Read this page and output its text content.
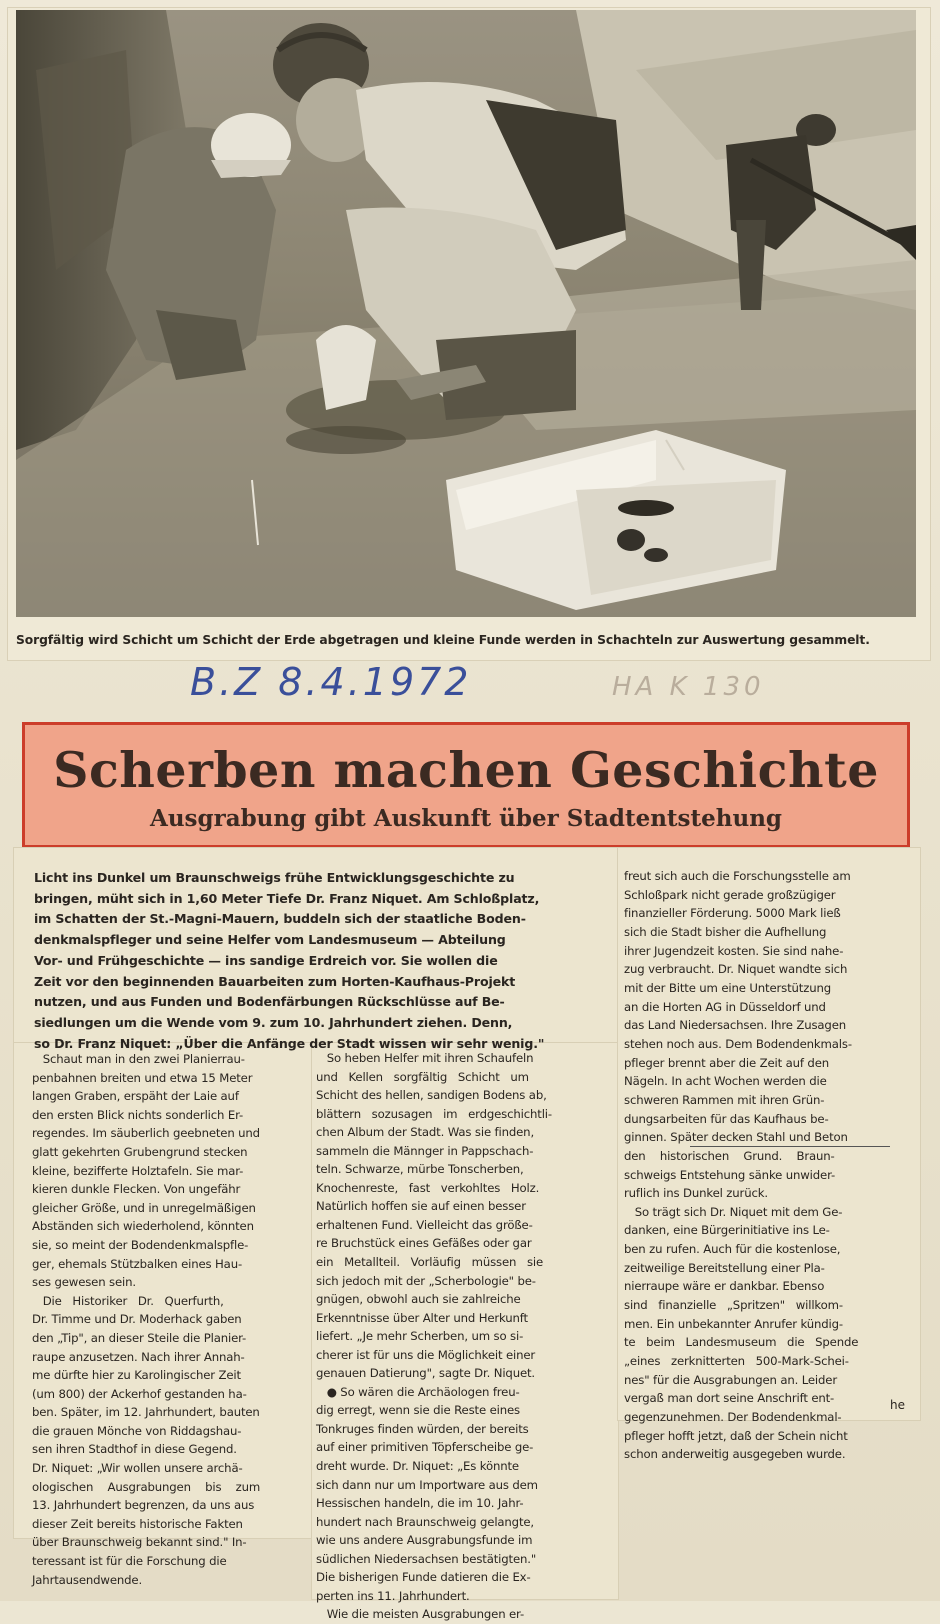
Sorgfältig wird Schicht um Schicht der Erde abgetragen und kleine Funde werden in Schachteln zur Auswertung gesammelt.
B.Z 8.4.1972	HA K 130
Scherben machen Geschichte
Ausgrabung gibt Auskunft über Stadtentstehung
Licht ins Dunkel um Braunschweigs frühe Entwicklungsgeschichte zu
bringen, müht sich in 1,60 Meter Tiefe Dr. Franz Niquet. Am Schloßplatz,
im Schatten der St.-Magni-Mauern, buddeln sich der staatliche Boden-
denkmalspfleger und seine Helfer vom Landesmuseum — Abteilung
Vor- und Frühgeschichte — ins sandige Erdreich vor. Sie wollen die
Zeit vor den beginnenden Bauarbeiten zum Horten-Kaufhaus-Projekt
nutzen, und aus Funden und Bodenfärbungen Rückschlüsse auf Be-
siedlungen um die Wende vom 9. zum 10. Jahrhundert ziehen. Denn,
so Dr. Franz Niquet: „Über die Anfänge der Stadt wissen wir sehr wenig."
Schaut man in den zwei Planierrau-
penbahnen breiten und etwa 15 Meter
langen Graben, erspäht der Laie auf
den ersten Blick nichts sonderlich Er-
regendes. Im säuberlich geebneten und
glatt gekehrten Grubengrund stecken
kleine, bezifferte Holztafeln. Sie mar-
kieren dunkle Flecken. Von ungefähr
gleicher Größe, und in unregelmäßigen
Abständen sich wiederholend, könnten
sie, so meint der Bodendenkmalspfle-
ger, ehemals Stützbalken eines Hau-
ses gewesen sein.
Die   Historiker   Dr.   Querfurth,
Dr. Timme und Dr. Moderhack gaben
den „Tip", an dieser Steile die Planier-
raupe anzusetzen. Nach ihrer Annah-
me dürfte hier zu Karolingischer Zeit
(um 800) der Ackerhof gestanden ha-
ben. Später, im 12. Jahrhundert, bauten
die grauen Mönche von Riddagshau-
sen ihren Stadthof in diese Gegend.
Dr. Niquet: „Wir wollen unsere archä-
ologischen    Ausgrabungen    bis    zum
13. Jahrhundert begrenzen, da uns aus
dieser Zeit bereits historische Fakten
über Braunschweig bekannt sind." In-
teressant ist für die Forschung die
Jahrtausendwende.
So heben Helfer mit ihren Schaufeln
und   Kellen   sorgfältig   Schicht   um
Schicht des hellen, sandigen Bodens ab,
blättern   sozusagen   im   erdgeschichtli-
chen Album der Stadt. Was sie finden,
sammeln die Männger in Pappschach-
teln. Schwarze, mürbe Tonscherben,
Knochenreste,   fast   verkohltes   Holz.
Natürlich hoffen sie auf einen besser
erhaltenen Fund. Vielleicht das größe-
re Bruchstück eines Gefäßes oder gar
ein   Metallteil.   Vorläufig   müssen   sie
sich jedoch mit der „Scherbologie" be-
gnügen, obwohl auch sie zahlreiche
Erkenntnisse über Alter und Herkunft
liefert. „Je mehr Scherben, um so si-
cherer ist für uns die Möglichkeit einer
genauen Datierung", sagte Dr. Niquet.
● So wären die Archäologen freu-
dig erregt, wenn sie die Reste eines
Tonkruges finden würden, der bereits
auf einer primitiven Töpferscheibe ge-
dreht wurde. Dr. Niquet: „Es könnte
sich dann nur um Importware aus dem
Hessischen handeln, die im 10. Jahr-
hundert nach Braunschweig gelangte,
wie uns andere Ausgrabungsfunde im
südlichen Niedersachsen bestätigten."
Die bisherigen Funde datieren die Ex-
perten ins 11. Jahrhundert.
Wie die meisten Ausgrabungen er-
freut sich auch die Forschungsstelle am
Schloßpark nicht gerade großzügiger
finanzieller Förderung. 5000 Mark ließ
sich die Stadt bisher die Aufhellung
ihrer Jugendzeit kosten. Sie sind nahe-
zug verbraucht. Dr. Niquet wandte sich
mit der Bitte um eine Unterstützung
an die Horten AG in Düsseldorf und
das Land Niedersachsen. Ihre Zusagen
stehen noch aus. Dem Bodendenkmals-
pfleger brennt aber die Zeit auf den
Nägeln. In acht Wochen werden die
schweren Rammen mit ihren Grün-
dungsarbeiten für das Kaufhaus be-
ginnen. Später decken Stahl und Beton
den    historischen    Grund.    Braun-
schweigs Entstehung sänke unwider-
ruflich ins Dunkel zurück.
So trägt sich Dr. Niquet mit dem Ge-
danken, eine Bürgerinitiative ins Le-
ben zu rufen. Auch für die kostenlose,
zeitweilige Bereitstellung einer Pla-
nierraupe wäre er dankbar. Ebenso
sind   finanzielle   „Spritzen"   willkom-
men. Ein unbekannter Anrufer kündig-
te   beim   Landesmuseum   die   Spende
„eines   zerknitterten   500-Mark-Schei-
nes" für die Ausgrabungen an. Leider
vergaß man dort seine Anschrift ent-
gegenzunehmen. Der Bodendenkmal-
pfleger hofft jetzt, daß der Schein nicht
schon anderweitig ausgegeben wurde.
he
